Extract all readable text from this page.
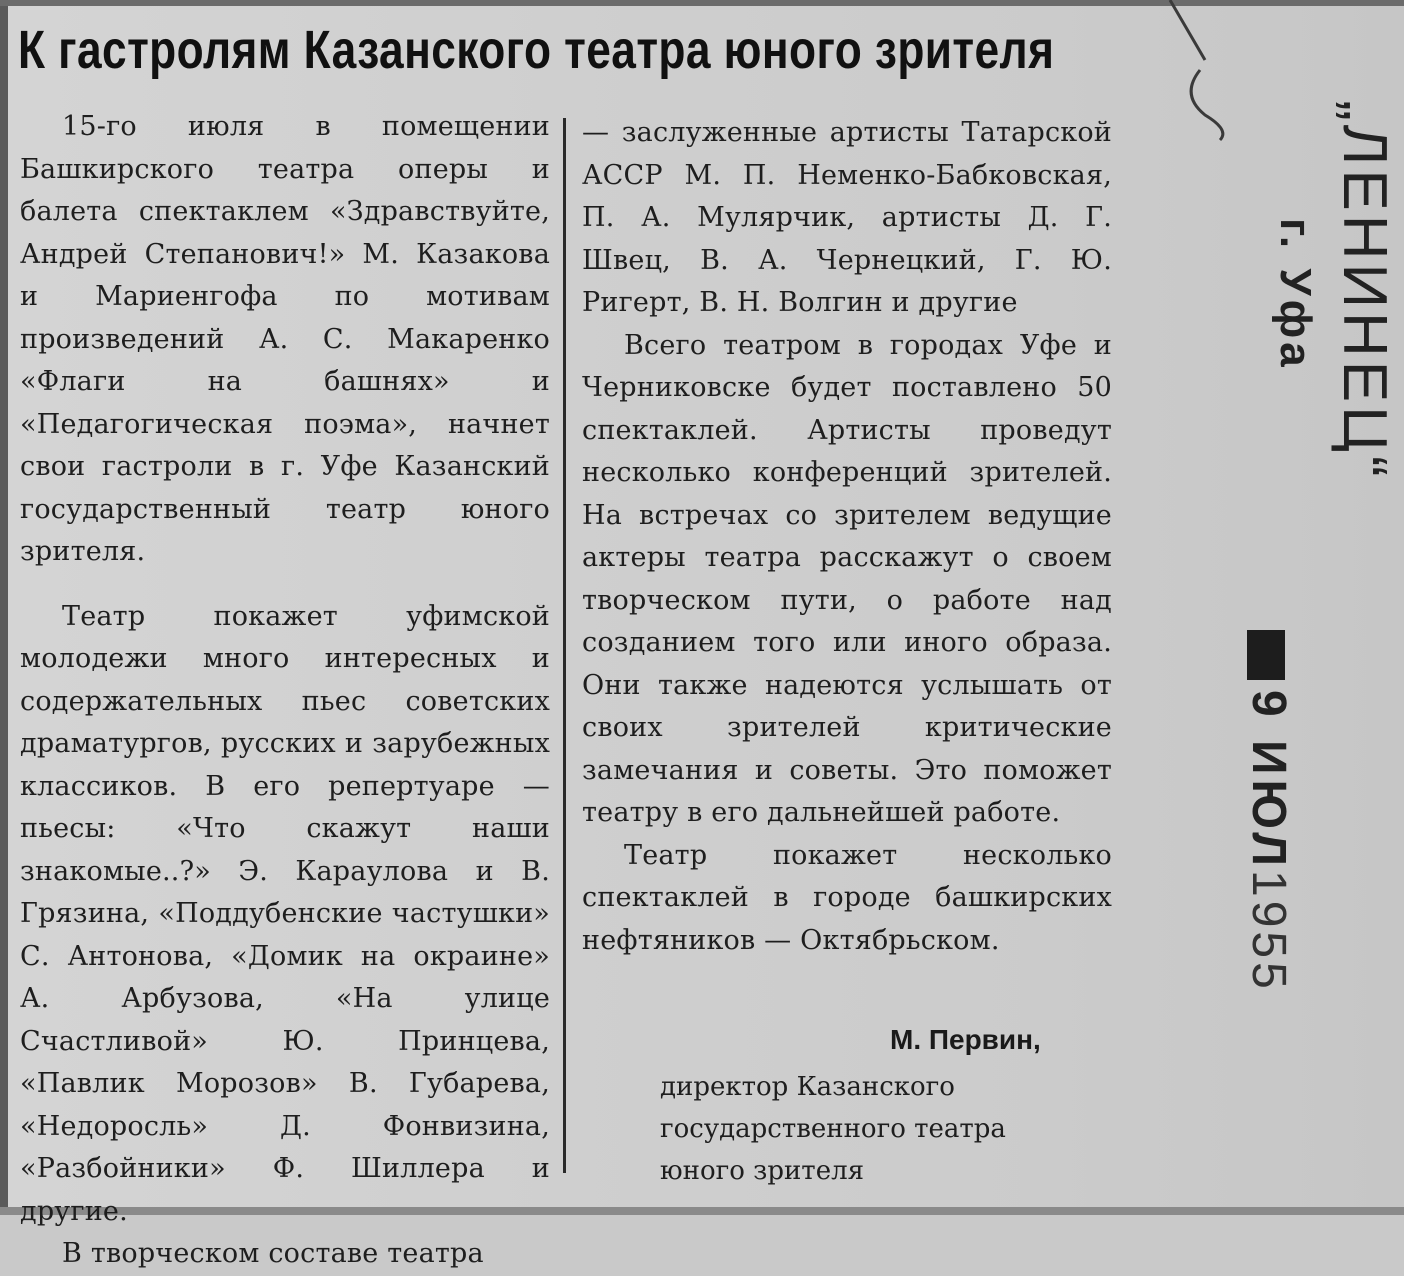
К гастролям Казанского театра юного зрителя

15-го июля в помещении Башкирского театра оперы и балета спектаклем «Здравствуйте, Андрей Степанович!» М. Казакова и Мариенгофа по мотивам произведений А. С. Макаренко «Флаги на башнях» и «Педагогическая поэма», начнет свои гастроли в г. Уфе Казанский государственный театр юного зрителя.

Театр покажет уфимской молодежи много интересных и содержательных пьес советских драматургов, русских и зарубежных классиков. В его репертуаре — пьесы: «Что скажут наши знакомые..?» Э. Караулова и В. Грязина, «Поддубенские частушки» С. Антонова, «Домик на окраине» А. Арбузова, «На улице Счастливой» Ю. Принцева, «Павлик Морозов» В. Губарева, «Недоросль» Д. Фонвизина, «Разбойники» Ф. Шиллера и другие.

В творческом составе театра

— заслуженные артисты Татарской АССР М. П. Неменко-Бабковская, П. А. Мулярчик, артисты Д. Г. Швец, В. А. Чернецкий, Г. Ю. Ригерт, В. Н. Волгин и другие

Всего театром в городах Уфе и Черниковске будет поставлено 50 спектаклей. Артисты проведут несколько конференций зрителей. На встречах со зрителем ведущие актеры театра расскажут о своем творческом пути, о работе над созданием того или иного образа. Они также надеются услышать от своих зрителей критические замечания и советы. Это поможет театру в его дальнейшей работе.

Театр покажет несколько спектаклей в городе башкирских нефтяников — Октябрьском.

М. Первин,
директор Казанского государственного театра юного зрителя
„ЛЕНИНЕЦ“
г. Уфа
9 ИЮЛ
1955
